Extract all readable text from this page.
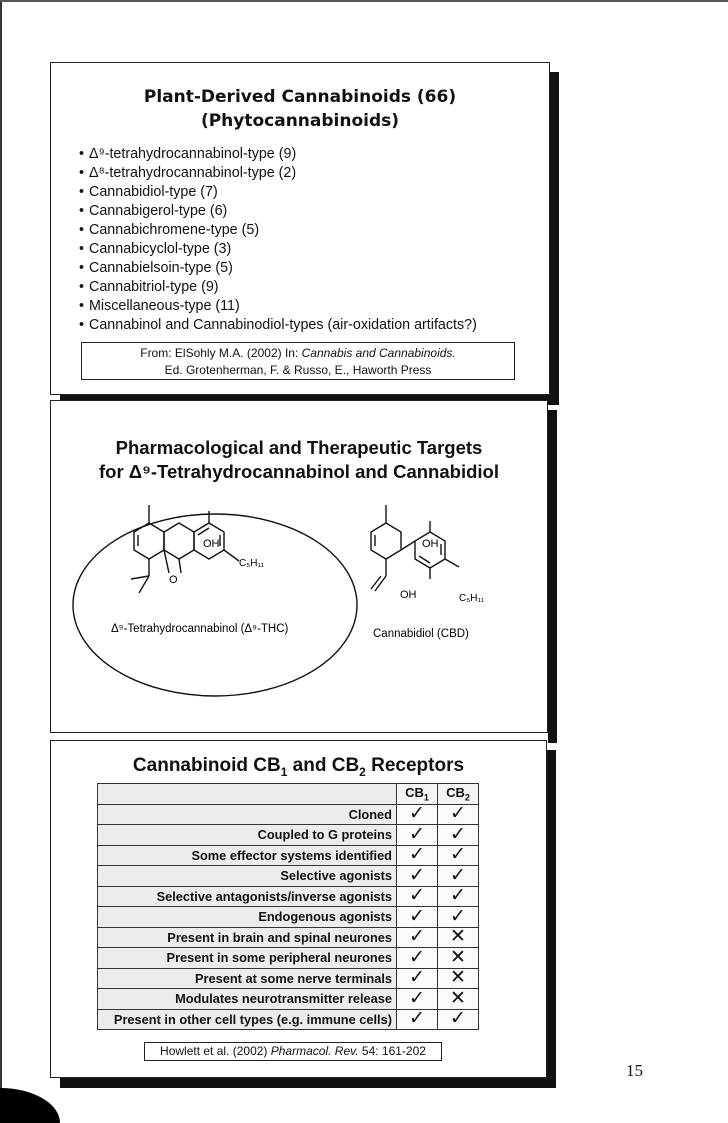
Plant-Derived Cannabinoids (66)
(Phytocannabinoids)
• Δ⁹-tetrahydrocannabinol-type (9)
• Δ⁸-tetrahydrocannabinol-type (2)
• Cannabidiol-type (7)
• Cannabigerol-type (6)
• Cannabichromene-type (5)
• Cannabicyclol-type (3)
• Cannabielsoin-type (5)
• Cannabitriol-type (9)
• Miscellaneous-type (11)
• Cannabinol and Cannabinodiol-types (air-oxidation artifacts?)
From: ElSohly M.A. (2002) In: Cannabis and Cannabinoids.
Ed. Grotenherman, F. & Russo, E., Haworth Press
Pharmacological and Therapeutic Targets
for Δ⁹-Tetrahydrocannabinol and Cannabidiol
OH
O
C₅H₁₁
Δ⁹-Tetrahydrocannabinol (Δ⁹-THC)
OH
OH	C₅H₁₁
Cannabidiol (CBD)
Cannabinoid $CB_1$ and $CB_2$ Receptors
	$CB_1$	$CB_2$
Cloned	✓	✓
Coupled to G proteins	✓	✓
Some effector systems identified	✓	✓
Selective agonists	✓	✓
Selective antagonists/inverse agonists	✓	✓
Endogenous agonists	✓	✓
Present in brain and spinal neurones	✓	✕
Present in some peripheral neurones	✓	✕
Present at some nerve terminals	✓	✕
Modulates neurotransmitter release	✓	✕
Present in other cell types (e.g. immune cells)	✓	✓
Howlett et al. (2002) Pharmacol. Rev. 54: 161-202
15
